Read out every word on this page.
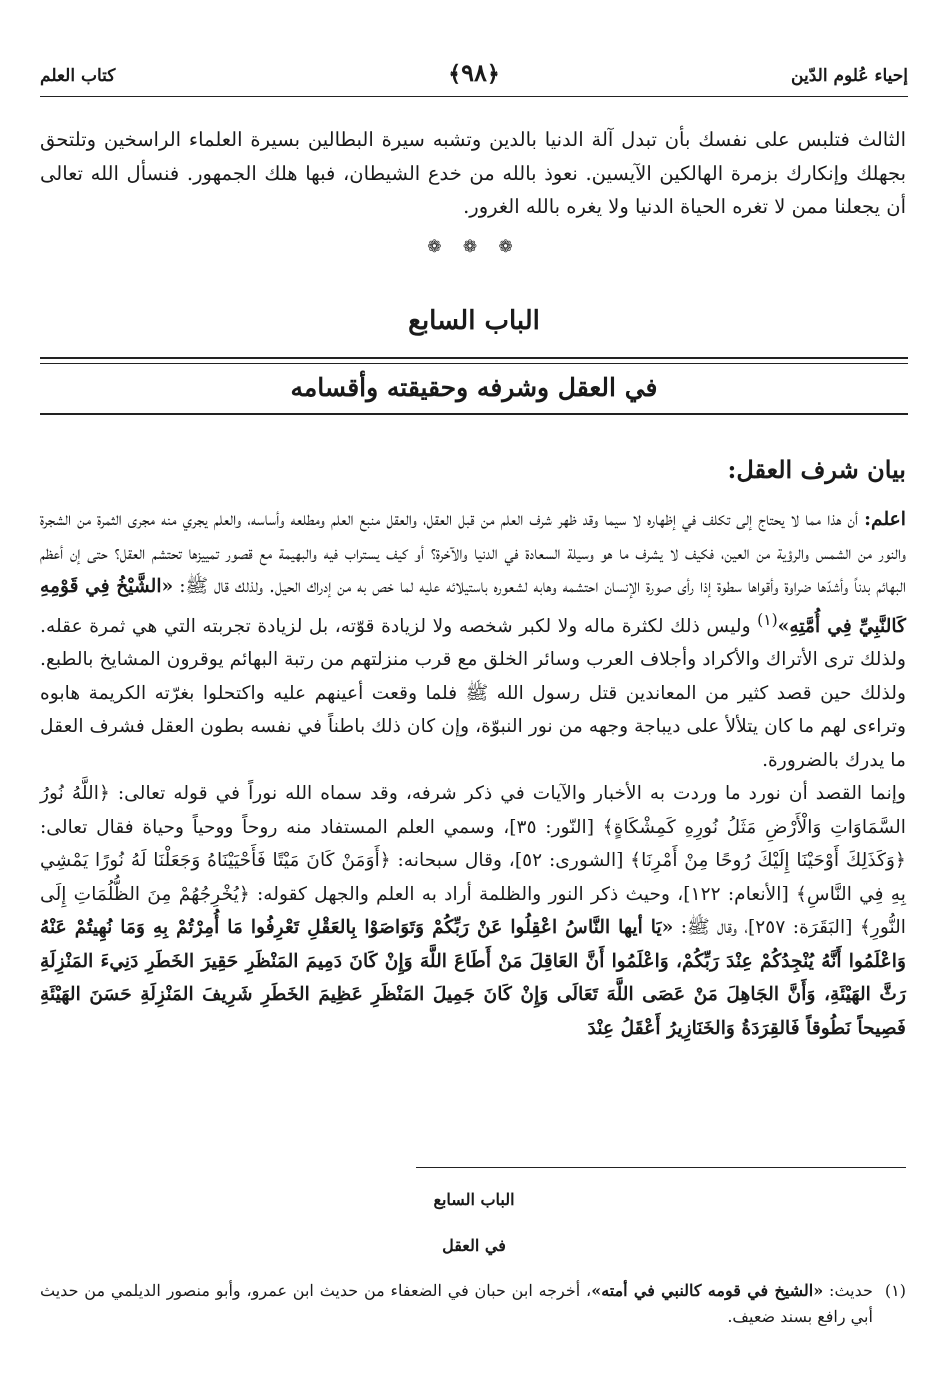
إحياء عُلوم الدّين
﴾٩٨﴿
كتاب العلم
الثالث فتلبس على نفسك بأن تبدل آلة الدنيا بالدين وتشبه سيرة البطالين بسيرة العلماء الراسخين وتلتحق بجهلك وإنكارك بزمرة الهالكين الآيسين. نعوذ بالله من خدع الشيطان، فبها هلك الجمهور. فنسأل الله تعالى أن يجعلنا ممن لا تغره الحياة الدنيا ولا يغره بالله الغرور.
❁ ❁ ❁
الباب السابع
في العقل وشرفه وحقيقته وأقسامه
بيان شرف العقل:
اعلم: أن هذا مما لا يحتاج إلى تكلف في إظهاره لا سيما وقد ظهر شرف العلم من قبل العقل، والعقل منبع العلم ومطلعه وأساسه، والعلم يجري منه مجرى الثمرة من الشجرة والنور من الشمس والرؤية من العين، فكيف لا يشرف ما هو وسيلة السعادة في الدنيا والآخرة؟ أو كيف يستراب فيه والبهيمة مع قصور تمييزها تحتشم العقل؟ حتى إن أعظم البهائم بدناً وأشدّها ضراوة وأقواها سطوة إذا رأى صورة الإنسان احتشمه وهابه لشعوره باستيلائه عليه لما خص به من إدراك الحيل. ولذلك قال ﷺ: «الشَّيْخُ فِي قَوْمِهِ كَالنَّبِيِّ فِي أُمَّتِهِ»$^{(١)}$ وليس ذلك لكثرة ماله ولا لكبر شخصه ولا لزيادة قوّته، بل لزيادة تجربته التي هي ثمرة عقله. ولذلك ترى الأتراك والأكراد وأجلاف العرب وسائر الخلق مع قرب منزلتهم من رتبة البهائم يوقرون المشايخ بالطبع. ولذلك حين قصد كثير من المعاندين قتل رسول الله ﷺ فلما وقعت أعينهم عليه واكتحلوا بغرّته الكريمة هابوه وتراءى لهم ما كان يتلألأ على ديباجة وجهه من نور النبوّة، وإن كان ذلك باطناً في نفسه بطون العقل فشرف العقل ما يدرك بالضرورة.
وإنما القصد أن نورد ما وردت به الأخبار والآيات في ذكر شرفه، وقد سماه الله نوراً في قوله تعالى: ﴿اللَّهُ نُورُ السَّمَاوَاتِ وَالْأَرْضِ مَثَلُ نُورِهِ كَمِشْكَاةٍ﴾ [النّور: ٣٥]، وسمي العلم المستفاد منه روحاً ووحياً وحياة فقال تعالى: ﴿وَكَذَلِكَ أَوْحَيْنَا إِلَيْكَ رُوحًا مِنْ أَمْرِنَا﴾ [الشورى: ٥٢]، وقال سبحانه: ﴿أَوَمَنْ كَانَ مَيْتًا فَأَحْيَيْنَاهُ وَجَعَلْنَا لَهُ نُورًا يَمْشِي بِهِ فِي النَّاسِ﴾ [الأنعام: ١٢٢]، وحيث ذكر النور والظلمة أراد به العلم والجهل كقوله: ﴿يُخْرِجُهُمْ مِنَ الظُّلُمَاتِ إِلَى النُّورِ﴾ [البَقَرَة: ٢٥٧]، وقال ﷺ: «يَا أيها النَّاسُ اعْقِلُوا عَنْ رَبِّكُمْ وَتَوَاصَوْا بِالعَقْلِ تَعْرِفُوا مَا أُمِرْتُمْ بِهِ وَمَا نُهِيتُمْ عَنْهُ وَاعْلَمُوا أَنَّهُ يُنْجِدُكُمْ عِنْدَ رَبِّكُمْ، وَاعْلَمُوا أَنَّ العَاقِلَ مَنْ أَطَاعَ اللَّهَ وَإِنْ كَانَ دَمِيمَ المَنْظَرِ حَقِيرَ الخَطَرِ دَنِيءَ المَنْزِلَةِ رَثَّ الهَيْئَةِ، وَأَنَّ الجَاهِلَ مَنْ عَصَى اللَّهَ تَعَالَى وَإِنْ كَانَ جَمِيلَ المَنْظَرِ عَظِيمَ الخَطَرِ شَرِيفَ المَنْزِلَةِ حَسَنَ الهَيْئَةِ فَصِيحاً نَطُوقاً فَالقِرَدَةُ وَالخَنَازِيرُ أَعْقَلُ عِنْدَ
الباب السابع
في العقل
(١)
حديث: «الشيخ في قومه كالنبي في أمته»، أخرجه ابن حبان في الضعفاء من حديث ابن عمرو، وأبو منصور الديلمي من حديث أبي رافع بسند ضعيف.
